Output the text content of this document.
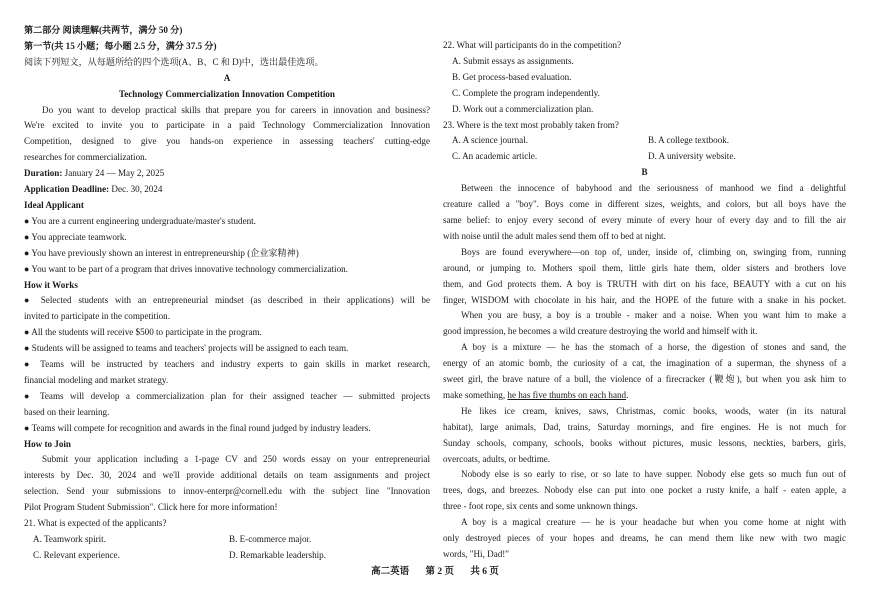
第二部分 阅读理解(共两节，满分 50 分)

第一节(共 15 小题；每小题 2.5 分，满分 37.5 分)

阅读下列短文，从每题所给的四个选项(A、B、C 和 D)中，选出最佳选项。

A

Technology Commercialization Innovation Competition

Do you want to develop practical skills that prepare you for careers in innovation and business?

We're excited to invite you to participate in a paid Technology Commercialization Innovation

Competition, designed to give you hands-on experience in assessing teachers' cutting-edge

researches for commercialization.

Duration: January 24 — May 2, 2025

Application Deadline: Dec. 30, 2024

Ideal Applicant

● You are a current engineering undergraduate/master's student.

● You appreciate teamwork.

● You have previously shown an interest in entrepreneurship (企业家精神)

● You want to be part of a program that drives innovative technology commercialization.

How it Works

● Selected students with an entrepreneurial mindset (as described in their applications) will be

invited to participate in the competition.

● All the students will receive $500 to participate in the program.

● Students will be assigned to teams and teachers' projects will be assigned to each team.

● Teams will be instructed by teachers and industry experts to gain skills in market research,

financial modeling and market strategy.

● Teams will develop a commercialization plan for their assigned teacher — submitted projects

based on their learning.

● Teams will compete for recognition and awards in the final round judged by industry leaders.

How to Join

Submit your application including a 1-page CV and 250 words essay on your entrepreneurial

interests by Dec. 30, 2024 and we'll provide additional details on team assignments and project

selection. Send your submissions to innov-enterpr@cornell.edu with the subject line "Innovation

Pilot Program Student Submission". Click here for more information!

21. What is expected of the applicants?

A. Teamwork spirit.	B. E-commerce major.
C. Relevant experience.	D. Remarkable leadership.

22. What will participants do in the competition?

A. Submit essays as assignments.

B. Get process-based evaluation.

C. Complete the program independently.

D. Work out a commercialization plan.

23. Where is the text most probably taken from?

A. A science journal.	B. A college textbook.
C. An academic article.	D. A university website.

B

Between the innocence of babyhood and the seriousness of manhood we find a delightful

creature called a "boy". Boys come in different sizes, weights, and colors, but all boys have the

same belief: to enjoy every second of every minute of every hour of every day and to fill the air

with noise until the adult males send them off to bed at night.

Boys are found everywhere—on top of, under, inside of, climbing on, swinging from, running

around, or jumping to. Mothers spoil them, little girls hate them, older sisters and brothers love

them, and God protects them. A boy is TRUTH with dirt on his face, BEAUTY with a cut on his

finger, WISDOM with chocolate in his hair, and the HOPE of the future with a snake in his pocket.

When you are busy, a boy is a trouble - maker and a noise. When you want him to make a

good impression, he becomes a wild creature destroying the world and himself with it.

A boy is a mixture — he has the stomach of a horse, the digestion of stones and sand, the

energy of an atomic bomb, the curiosity of a cat, the imagination of a superman, the shyness of a

sweet girl, the brave nature of a bull, the violence of a firecracker (鞭炮), but when you ask him to

make something, he has five thumbs on each hand.

He likes ice cream, knives, saws, Christmas, comic books, woods, water (in its natural

habitat), large animals, Dad, trains, Saturday mornings, and fire engines. He is not much for

Sunday schools, company, schools, books without pictures, music lessons, neckties, barbers, girls,

overcoats, adults, or bedtime.

Nobody else is so early to rise, or so late to have supper. Nobody else gets so much fun out of

trees, dogs, and breezes. Nobody else can put into one pocket a rusty knife, a half - eaten apple, a

three - foot rope, six cents and some unknown things.

A boy is a magical creature — he is your headache but when you come home at night with

only destroyed pieces of your hopes and dreams, he can mend them like new with two magic

words, "Hi, Dad!"

高二英语 第 2 页 共 6 页
